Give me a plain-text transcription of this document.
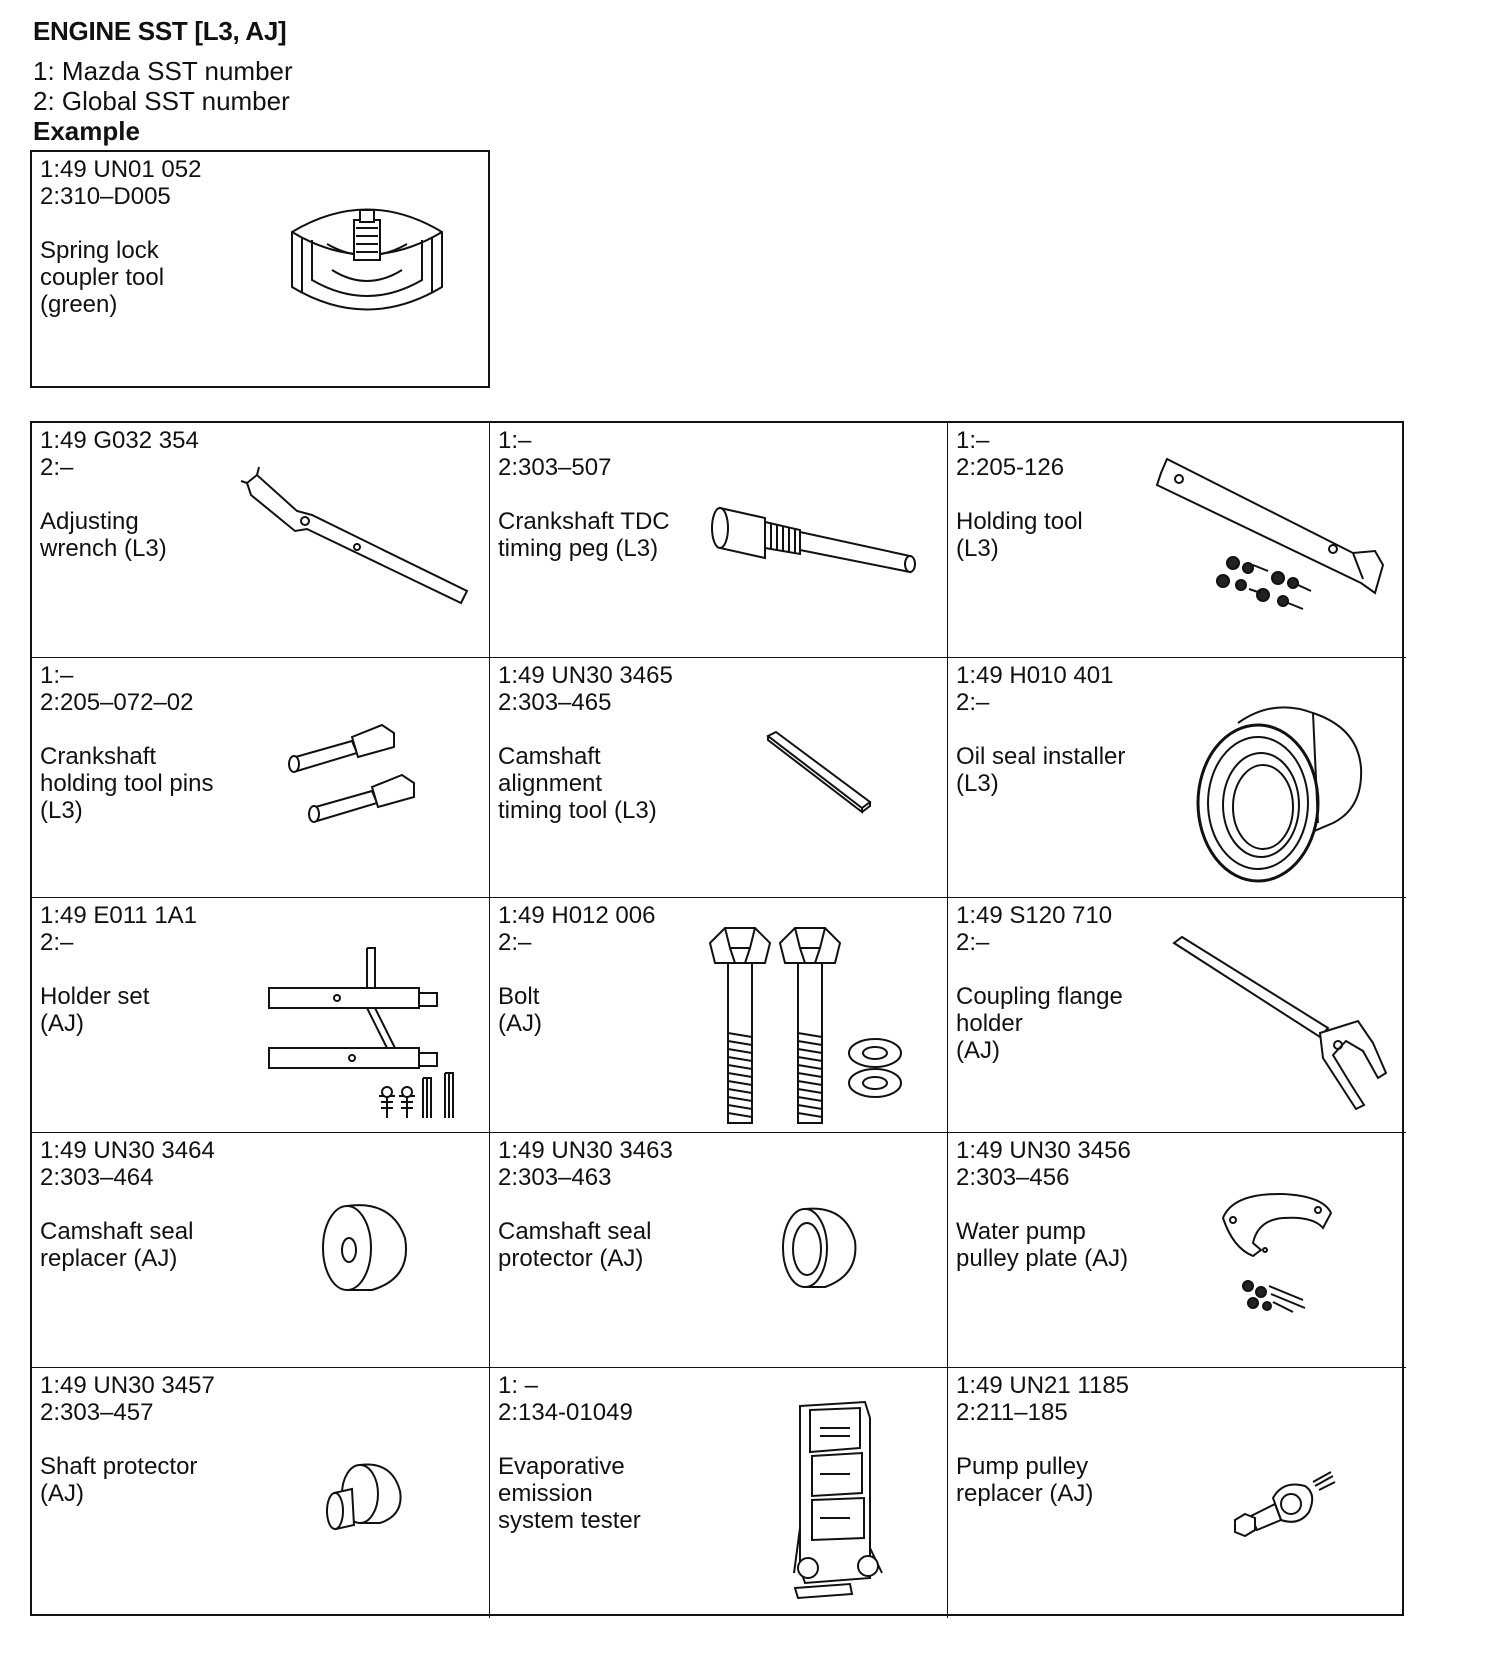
ENGINE SST [L3, AJ]
1: Mazda SST number
2: Global SST number
Example
1:49 UN01 052
2:310–D005
Spring lock
coupler tool
(green)
1:49 G032 354
2:–
Adjusting
wrench (L3)
1:–
2:303–507
Crankshaft TDC
timing peg (L3)
1:–
2:205-126
Holding tool
(L3)
1:–
2:205–072–02
Crankshaft
holding tool pins
(L3)
1:49 UN30 3465
2:303–465
Camshaft
alignment
timing tool (L3)
1:49 H010 401
2:–
Oil seal installer
(L3)
1:49 E011 1A1
2:–
Holder set
(AJ)
1:49 H012 006
2:–
Bolt
(AJ)
1:49 S120 710
2:–
Coupling flange
holder
(AJ)
1:49 UN30 3464
2:303–464
Camshaft seal
replacer (AJ)
1:49 UN30 3463
2:303–463
Camshaft seal
protector (AJ)
1:49 UN30 3456
2:303–456
Water pump
pulley plate (AJ)
1:49 UN30 3457
2:303–457
Shaft protector
(AJ)
1: –
2:134-01049
Evaporative
emission
system tester
1:49 UN21 1185
2:211–185
Pump pulley
replacer (AJ)
